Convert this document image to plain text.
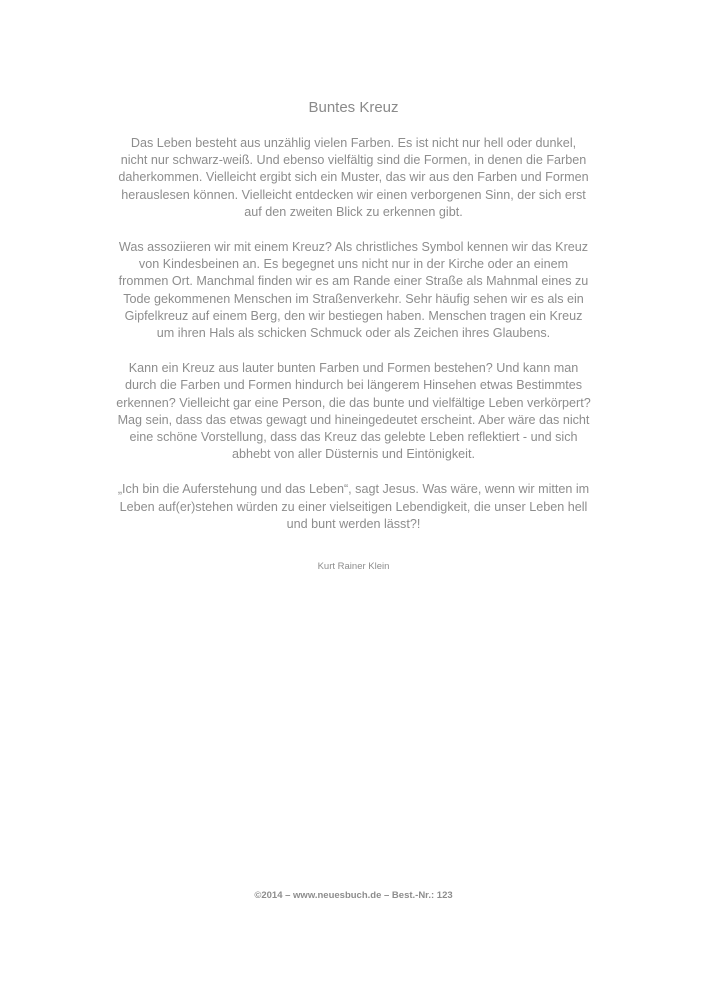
Buntes Kreuz

Das Leben besteht aus unzählig vielen Farben. Es ist nicht nur hell oder dunkel,
nicht nur schwarz-weiß. Und ebenso vielfältig sind die Formen, in denen die Farben
daherkommen. Vielleicht ergibt sich ein Muster, das wir aus den Farben und Formen
herauslesen können. Vielleicht entdecken wir einen verborgenen Sinn, der sich erst
auf den zweiten Blick zu erkennen gibt.

Was assoziieren wir mit einem Kreuz? Als christliches Symbol kennen wir das Kreuz
von Kindesbeinen an. Es begegnet uns nicht nur in der Kirche oder an einem
frommen Ort. Manchmal finden wir es am Rande einer Straße als Mahnmal eines zu
Tode gekommenen Menschen im Straßenverkehr. Sehr häufig sehen wir es als ein
Gipfelkreuz auf einem Berg, den wir bestiegen haben. Menschen tragen ein Kreuz
um ihren Hals als schicken Schmuck oder als Zeichen ihres Glaubens.

Kann ein Kreuz aus lauter bunten Farben und Formen bestehen? Und kann man
durch die Farben und Formen hindurch bei längerem Hinsehen etwas Bestimmtes
erkennen? Vielleicht gar eine Person, die das bunte und vielfältige Leben verkörpert?
Mag sein, dass das etwas gewagt und hineingedeutet erscheint. Aber wäre das nicht
eine schöne Vorstellung, dass das Kreuz das gelebte Leben reflektiert - und sich
abhebt von aller Düsternis und Eintönigkeit.

„Ich bin die Auferstehung und das Leben“, sagt Jesus. Was wäre, wenn wir mitten im
Leben auf(er)stehen würden zu einer vielseitigen Lebendigkeit, die unser Leben hell
und bunt werden lässt?!

Kurt Rainer Klein
©2014 – www.neuesbuch.de – Best.-Nr.: 123
